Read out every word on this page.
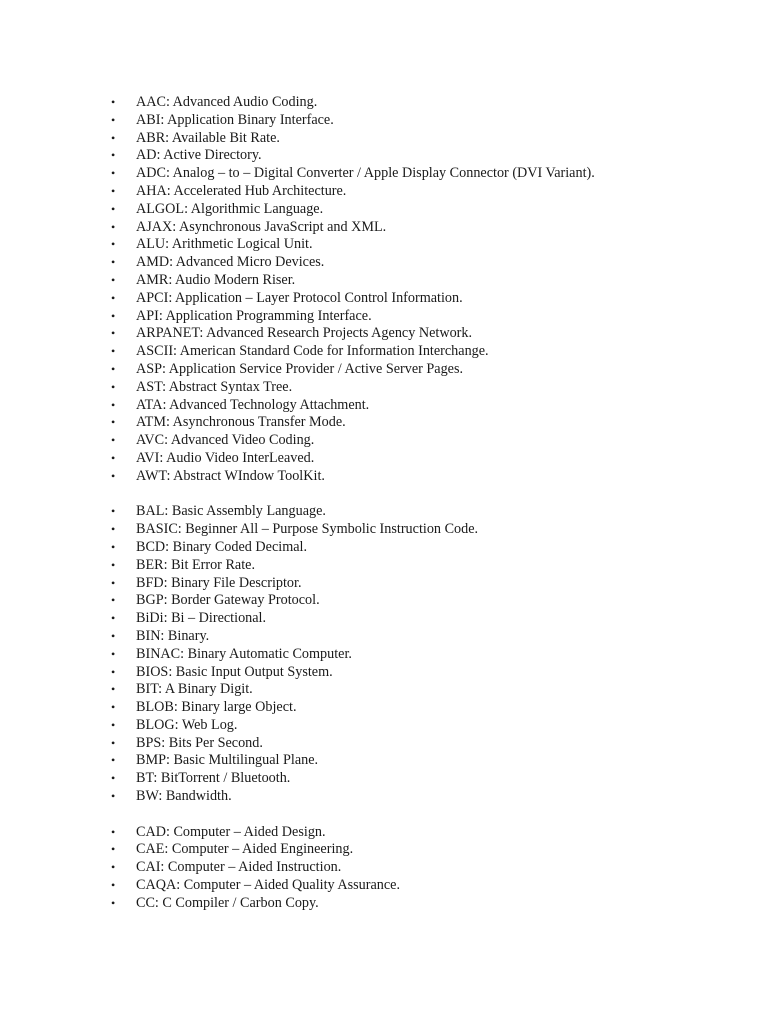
•	AAC: Advanced Audio Coding.
•	ABI: Application Binary Interface.
•	ABR: Available Bit Rate.
•	AD: Active Directory.
•	ADC: Analog – to – Digital Converter / Apple Display Connector (DVI Variant).
•	AHA: Accelerated Hub Architecture.
•	ALGOL: Algorithmic Language.
•	AJAX: Asynchronous JavaScript and XML.
•	ALU: Arithmetic Logical Unit.
•	AMD: Advanced Micro Devices.
•	AMR: Audio Modern Riser.
•	APCI: Application – Layer Protocol Control Information.
•	API: Application Programming Interface.
•	ARPANET: Advanced Research Projects Agency Network.
•	ASCII: American Standard Code for Information Interchange.
•	ASP: Application Service Provider / Active Server Pages.
•	AST: Abstract Syntax Tree.
•	ATA: Advanced Technology Attachment.
•	ATM: Asynchronous Transfer Mode.
•	AVC: Advanced Video Coding.
•	AVI: Audio Video InterLeaved.
•	AWT: Abstract WIndow ToolKit.
•	BAL: Basic Assembly Language.
•	BASIC: Beginner All – Purpose Symbolic Instruction Code.
•	BCD: Binary Coded Decimal.
•	BER: Bit Error Rate.
•	BFD: Binary File Descriptor.
•	BGP: Border Gateway Protocol.
•	BiDi: Bi – Directional.
•	BIN: Binary.
•	BINAC: Binary Automatic Computer.
•	BIOS: Basic Input Output System.
•	BIT: A Binary Digit.
•	BLOB: Binary large Object.
•	BLOG: Web Log.
•	BPS: Bits Per Second.
•	BMP: Basic Multilingual Plane.
•	BT: BitTorrent / Bluetooth.
•	BW: Bandwidth.
•	CAD: Computer – Aided Design.
•	CAE: Computer – Aided Engineering.
•	CAI: Computer – Aided Instruction.
•	CAQA: Computer – Aided Quality Assurance.
•	CC: C Compiler / Carbon Copy.
